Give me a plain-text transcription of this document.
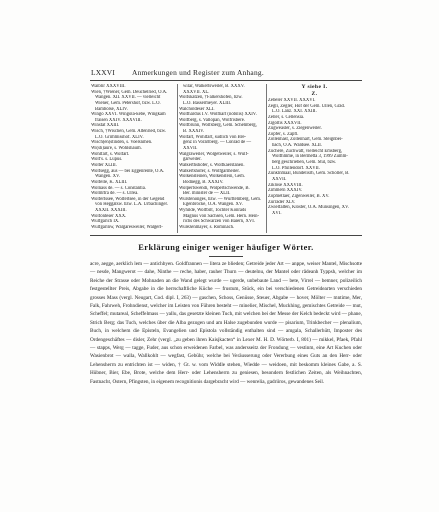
LXXVI Anmerkungen und Register zum Anhang.
Waiblir XXXVIII.
Wien, †Wiener, Gem. Deuchelried, O.A.
Wangen. XII. XXVII. — vielleicht
Wiener, Gem. Petershof, bzw. L.O.
Bambolse, XLIV.
Wingo XXVI. Wingola-kebe, Wingkam
fraisen XXIV. XXXVIII.
Winstat XXIII.
Wisch, †Wischen, Gem. Altenried, bzw.
L.O. Grimmisshof. XLIV.
Wisch(en)stinden, s. Voelsnmen.
Wi(sh)aure, s. Wohlshaum.
Wohlfart, s. Wolfart.
Wolf's. s. Lupus.
Wolter XLIII.
Wolfsegg, aus — bei Eggenrente, O.A.
Wangen. XV.
Wolfelle, K. XLIII.
Wolnass de. — s. Constantia.
Wolmrtra de. — s. Ulrea.
Wolfertssee, Wolfertsee, in der Gegend
von Heggatsw. bzw. L.A. Urbachinger.
XXXII. XXXIII.
Wolfonteser XXX.
Wulfgarich IX.
Wulfgarinw, Walgaresweiler, Walgert-
wilar, Walkertsweiler, B. XXXV.
XXXVII. XL.
Wolfskatzen, †Falkershofen, bzw.
L.O. Bassermeyer. XLIII.
Walcholdeser XLI.
Wolfhardus I.V. Wolfhart (nobilis) XXIV.
Wolfberg, s. Vallopan, Wolfrisbere.
Wolfbrunn, Wolfsberg, Gem. Schemberg,
B. XXXIV.
Wolfart, Wöhlfart, südlich von Bre-
genz in Vorarlberg. — Conrad de —
XXVII.
Walgraweiler, Wolgetweiler, s. Wulf-
garweiler.
Walkerthshofer, s. Wolfkaerstanen.
Walkertshofer, s. Wolfgarmeiler.
Wolkensteinen, Wolkenstein, Gem.
Bodnegg, B. XXXIV.
Wolpertswendi, Wolpertschwende, B.
Ber. minister de — XLII.
Wurstenonges, bzw. — Württemberg, Gem.
Egenbrocke, O.A. Wangen. XV.
Wyhilde, Wolfbilt, Tochter Konrads
Magnus von Sachsen, Gem. Hern. Hein-
richs des Schwarzen von Baiern, XVI.
Wurezenmayer, s. Rominach.
Y siehe I.
Z.
Zebeler XXVII. XXXVI.
Zegli, Zegler, Hof der Gem. Ullen, Grad.
L.O. Lanz. XXI. XXIII.
Zeller, s. Cellensia.
Zigoltis XXXVII.
Zugweasler, s. Ziegenweiler.
Zopfer, s. Zapfl.
Zollenhäst, Zollenhart, Gem. Steignbei-
bach, O.A. Waldsee. XLII.
Zuchere, Zuchwatt, vielleicht Emsberg,
Wolfhmme, in Bermetta 3, 1999 Zumm-
berg geschrieben, Gem. Stül, bzw.
L.O. Pfullendorf. XXVII.
Zunklnmaal, Bundelisrh, Gem. Schöller, B.
XXVII.
Ziklose XXXVIII.
Zimmern XXXIV.
Zöpmetlaer, Zigenweiler, B. XV.
Zurrader XLV.
Zwielfalten, Kloster, O.A. Münsingen, XV.
XVI.
Erklärung einiger weniger häufiger Wörter.

acre, aegge, aerklich lem — antichbyen. Goldfrannen — litera ze blieden; Getreide jeder Art — anppe, weiser Mantel, Mischsotte — nesde, Mangwerot — dahe, Ninthe — reche, haber, rauher Thurn — deutelnu, der Mantel oder rådeanh Typpsh, welcher im Reiche der Strasse oder Mohnaden an die Wand gelegt wurde — ugerde, unbebaute Land — bete, Virrel — bemner, polizeilich festgestellter Preis, Abgabe in die herrschaftliche Küche — frustum, Stück, ein bei verschiedenen Getreidearten verschieden grosses Mass (vergl. Neugart, Cod. dipl. I, 263) — gaschen, Schoss, Genüsse, Steuer, Abgabe — hover, Mölter — mntime, Mer, Falk, Fahrweh, Frohndienst, welcher im Leisten von Führen besteht — minelier, Mischel, Muckhing, gemischtes Getreide — mut, Scheffel; mutareal, Scheffelmass — yallu, das gesetzte kleinen Tuch, mit welchen bei der Messe der Kelch bedeckt wird — phane, Strich Berg; das Tuch, welches über die Alba gezogen und am Halse zugebunden wurde — pisarium, Trinkbecher — plenalium, Buch, in welchem die Episteln, Evangelien und Epistola vollständig enthalten sind — amgala, Schallerhütt, Imposter des Ordengeschäftes — disler, Zehr (vergl. „zu geben ihren Kaisjkacten“ in Lexer M. H. D. Wörterb. I, 801) — mikkel, Pfaek, Pfahl — stapps, Werg — tagge, Fuder, aus schon erweidenen Farbel, was andersseitz der Frondung — vestinm, eine Art Kuchen oder Wasienbrot — walla, Wallkohlt — wegfast, Gebühr, welche bei Veräusserung oder Vererbung eines Guts an den Herr- oder Lehensherrn zu entrichten ist — widen, † Gt. w. vom Widdle stehen, Wiedde — weidoen, mit beskomm kleines Gabe, a. S. Hübner, Bier, Ebe, Brote, welche dem Herr- oder Lehensherrn zu geniesen, besondern festlichen Zeiten, als Weihnachten, Fastnacht, Ostern, Pfingsten, in eigenem recognitionis dargebracht wird — wenrelia, gadriiros, gewandenes Seil.
